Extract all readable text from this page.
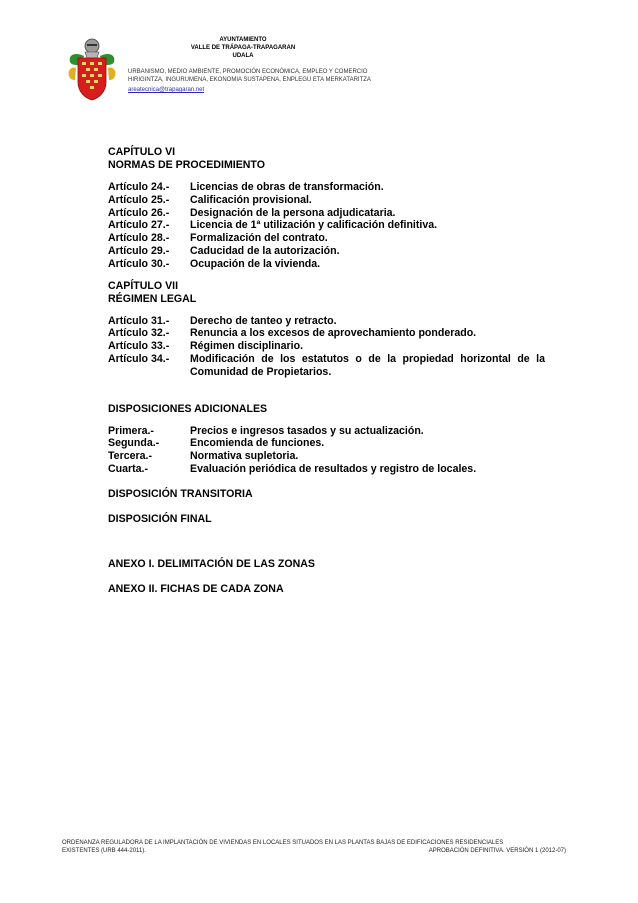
AYUNTAMIENTO
VALLE DE TRÁPAGA-TRAPAGARAN
UDALA
URBANISMO, MEDIO AMBIENTE, PROMOCIÓN ECONÓMICA, EMPLEO Y COMERCIO
HIRIGINTZA, INGURUMENA, EKONOMIA SUSTAPENA, ENPLEGU ETA MERKATARITZA
areatecnica@trapagaran.net
CAPÍTULO VI
NORMAS DE PROCEDIMIENTO
Artículo 24.-	Licencias de obras de transformación.
Artículo 25.-	Calificación provisional.
Artículo 26.-	Designación de la persona adjudicataria.
Artículo 27.-	Licencia de 1ª utilización y calificación definitiva.
Artículo 28.-	Formalización del contrato.
Artículo 29.-	Caducidad de la autorización.
Artículo 30.-	Ocupación de la vivienda.
CAPÍTULO VII
RÉGIMEN LEGAL
Artículo 31.-	Derecho de tanteo y retracto.
Artículo 32.-	Renuncia a los excesos de aprovechamiento ponderado.
Artículo 33.-	Régimen disciplinario.
Artículo 34.-	Modificación de los estatutos o de la propiedad horizontal de la
Comunidad de Propietarios.
DISPOSICIONES ADICIONALES
Primera.-	Precios e ingresos tasados y su actualización.
Segunda.-	Encomienda de funciones.
Tercera.-	Normativa supletoria.
Cuarta.-	Evaluación periódica de resultados y registro de locales.
DISPOSICIÓN TRANSITORIA
DISPOSICIÓN FINAL
ANEXO I. DELIMITACIÓN DE LAS ZONAS
ANEXO II. FICHAS DE CADA ZONA
ORDENANZA REGULADORA DE LA IMPLANTACIÓN DE VIVIENDAS EN LOCALES SITUADOS EN LAS PLANTAS BAJAS DE EDIFICACIONES RESIDENCIALES
EXISTENTES (URB 444-2011).	APROBACIÓN DEFINITIVA. VERSIÓN 1 (2012-07)
